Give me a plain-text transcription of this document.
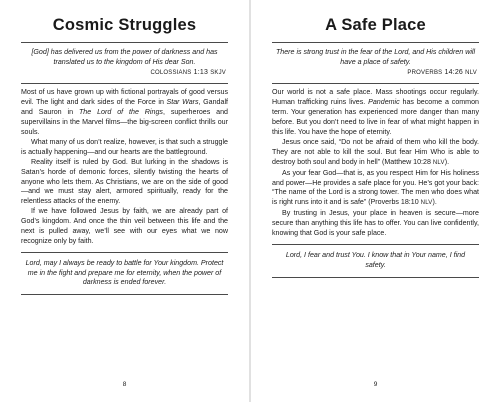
Cosmic Struggles
[God] has delivered us from the power of darkness and has translated us to the kingdom of His dear Son.
COLOSSIANS 1:13 SKJV

Most of us have grown up with fictional portrayals of good versus evil. The light and dark sides of the Force in Star Wars, Gandalf and Sauron in The Lord of the Rings, superheroes and supervillains in the Marvel films—the big-screen conflict thrills our souls.

What many of us don’t realize, however, is that such a struggle is actually happening—and our hearts are the battleground.

Reality itself is ruled by God. But lurking in the shadows is Satan’s horde of demonic forces, silently twisting the hearts of anyone who lets them. As Christians, we are on the side of good—and we must stay alert, armored spiritually, ready for the relentless attacks of the enemy.

If we have followed Jesus by faith, we are already part of God’s kingdom. And once the thin veil between this life and the next is pulled away, we’ll see with our eyes what we now recognize only by faith.

Lord, may I always be ready to battle for Your kingdom. Protect me in the fight and prepare me for eternity, when the power of darkness is ended forever.
8
A Safe Place
There is strong trust in the fear of the Lord, and His children will have a place of safety.
PROVERBS 14:26 NLV

Our world is not a safe place. Mass shootings occur regularly. Human trafficking ruins lives. Pandemic has become a common term. Your generation has experienced more danger than many before. But you don’t need to live in fear of what might happen in this life. You have the hope of eternity.

Jesus once said, “Do not be afraid of them who kill the body. They are not able to kill the soul. But fear Him Who is able to destroy both soul and body in hell” (Matthew 10:28 NLV).

As your fear God—that is, as you respect Him for His holiness and power—He provides a safe place for you. He’s got your back: “The name of the Lord is a strong tower. The men who does what is right runs into it and is safe” (Proverbs 18:10 NLV).

By trusting in Jesus, your place in heaven is secure—more secure than anything this life has to offer. You can live confidently, knowing that God is your safe place.

Lord, I fear and trust You. I know that in Your name, I find safety.
9
